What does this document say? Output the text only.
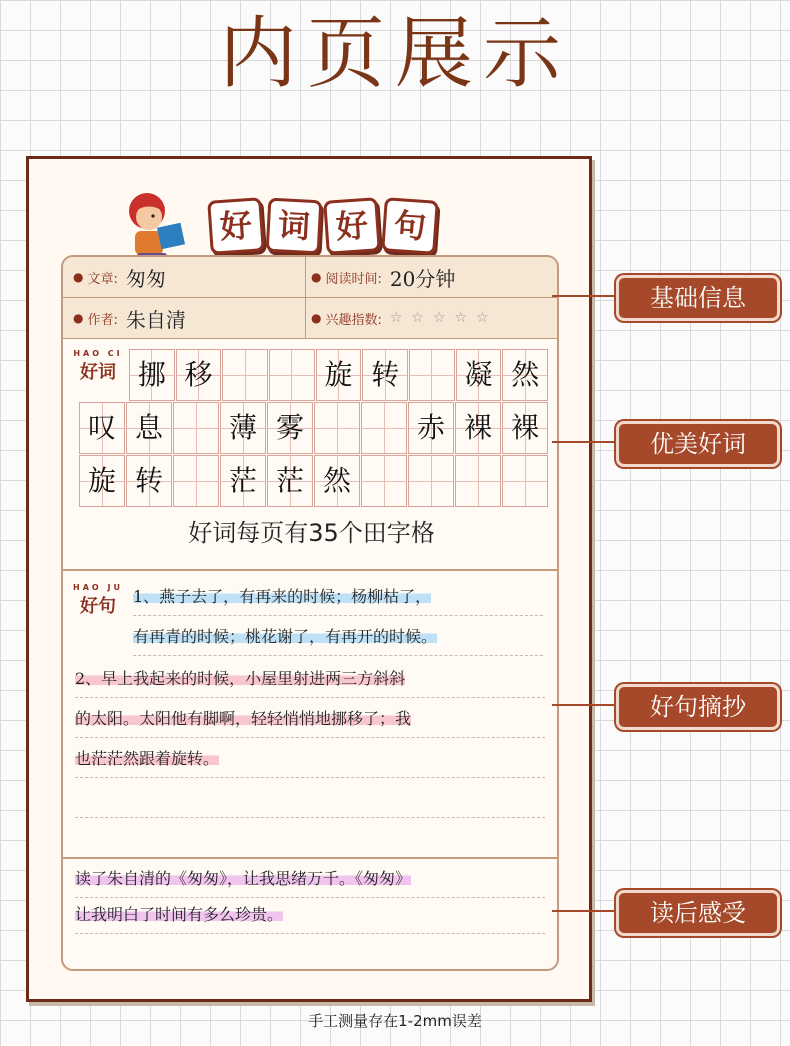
内页展示
好 词 好 句
● 文章: 匆匆	● 阅读时间: 20分钟
● 作者: 朱自清	● 兴趣指数: ☆☆☆☆☆
HAO CI
好词 挪 移	旋 转	凝 然
叹 息	薄 雾	赤 裸 裸
旋 转	茫 茫 然
好词每页有35个田字格
HAO JU
好句	1、燕子去了，有再来的时候；杨柳枯了，
有再青的时候；桃花谢了，有再开的时候。
2、早上我起来的时候，小屋里射进两三方斜斜
的太阳。太阳他有脚啊，轻轻悄悄地挪移了；我
也茫茫然跟着旋转。
读了朱自清的《匆匆》，让我思绪万千。《匆匆》
让我明白了时间有多么珍贵。
基础信息
优美好词
好句摘抄
读后感受
手工测量存在1-2mm误差
